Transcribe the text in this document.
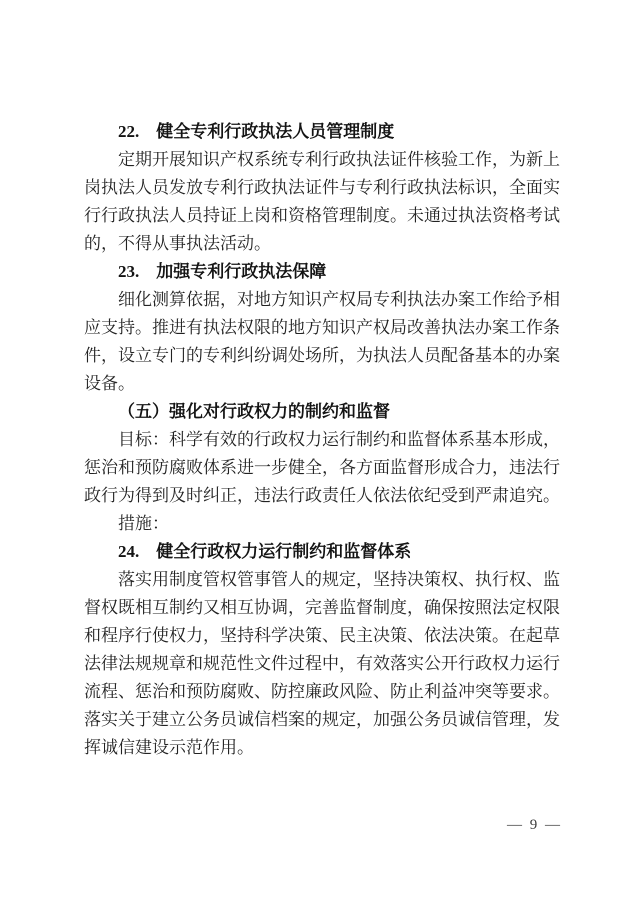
22. 健全专利行政执法人员管理制度

定期开展知识产权系统专利行政执法证件核验工作，为新上岗执法人员发放专利行政执法证件与专利行政执法标识，全面实行行政执法人员持证上岗和资格管理制度。未通过执法资格考试的，不得从事执法活动。

23. 加强专利行政执法保障

细化测算依据，对地方知识产权局专利执法办案工作给予相应支持。推进有执法权限的地方知识产权局改善执法办案工作条件，设立专门的专利纠纷调处场所，为执法人员配备基本的办案设备。

（五）强化对行政权力的制约和监督

目标：科学有效的行政权力运行制约和监督体系基本形成，惩治和预防腐败体系进一步健全，各方面监督形成合力，违法行政行为得到及时纠正，违法行政责任人依法依纪受到严肃追究。

措施：

24. 健全行政权力运行制约和监督体系

落实用制度管权管事管人的规定，坚持决策权、执行权、监督权既相互制约又相互协调，完善监督制度，确保按照法定权限和程序行使权力，坚持科学决策、民主决策、依法决策。在起草法律法规规章和规范性文件过程中，有效落实公开行政权力运行流程、惩治和预防腐败、防控廉政风险、防止利益冲突等要求。落实关于建立公务员诚信档案的规定，加强公务员诚信管理，发挥诚信建设示范作用。

— 9 —
